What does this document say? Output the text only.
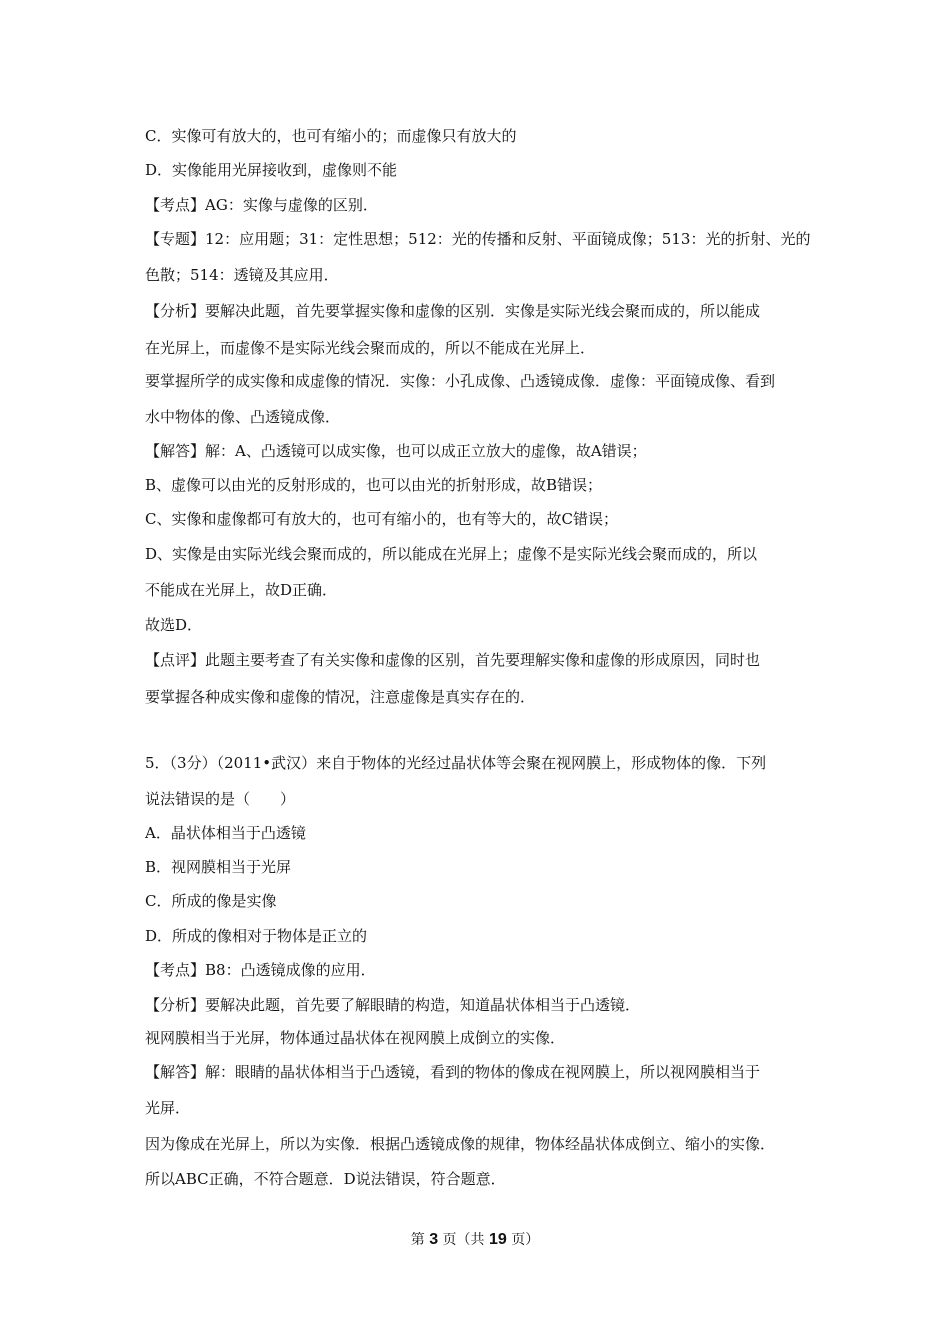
C．实像可有放大的，也可有缩小的；而虚像只有放大的
D．实像能用光屏接收到，虚像则不能
【考点】AG：实像与虚像的区别．
【专题】12：应用题；31：定性思想；512：光的传播和反射、平面镜成像；513：光的折射、光的
色散；514：透镜及其应用．
【分析】要解决此题，首先要掌握实像和虚像的区别．实像是实际光线会聚而成的，所以能成
在光屏上，而虚像不是实际光线会聚而成的，所以不能成在光屏上．
要掌握所学的成实像和成虚像的情况．实像：小孔成像、凸透镜成像．虚像：平面镜成像、看到
水中物体的像、凸透镜成像．
【解答】解：A、凸透镜可以成实像，也可以成正立放大的虚像，故A错误；
B、虚像可以由光的反射形成的，也可以由光的折射形成，故B错误；
C、实像和虚像都可有放大的，也可有缩小的，也有等大的，故C错误；
D、实像是由实际光线会聚而成的，所以能成在光屏上；虚像不是实际光线会聚而成的，所以
不能成在光屏上，故D正确．
故选D．
【点评】此题主要考查了有关实像和虚像的区别，首先要理解实像和虚像的形成原因，同时也
要掌握各种成实像和虚像的情况，注意虚像是真实存在的．
5．（3分）（2011•武汉）来自于物体的光经过晶状体等会聚在视网膜上，形成物体的像．下列
说法错误的是（　　）
A．晶状体相当于凸透镜
B．视网膜相当于光屏
C．所成的像是实像
D．所成的像相对于物体是正立的
【考点】B8：凸透镜成像的应用．
【分析】要解决此题，首先要了解眼睛的构造，知道晶状体相当于凸透镜．
视网膜相当于光屏，物体通过晶状体在视网膜上成倒立的实像．
【解答】解：眼睛的晶状体相当于凸透镜，看到的物体的像成在视网膜上，所以视网膜相当于
光屏．
因为像成在光屏上，所以为实像．根据凸透镜成像的规律，物体经晶状体成倒立、缩小的实像．
所以ABC正确，不符合题意．D说法错误，符合题意．
第 3 页（共 19 页）
